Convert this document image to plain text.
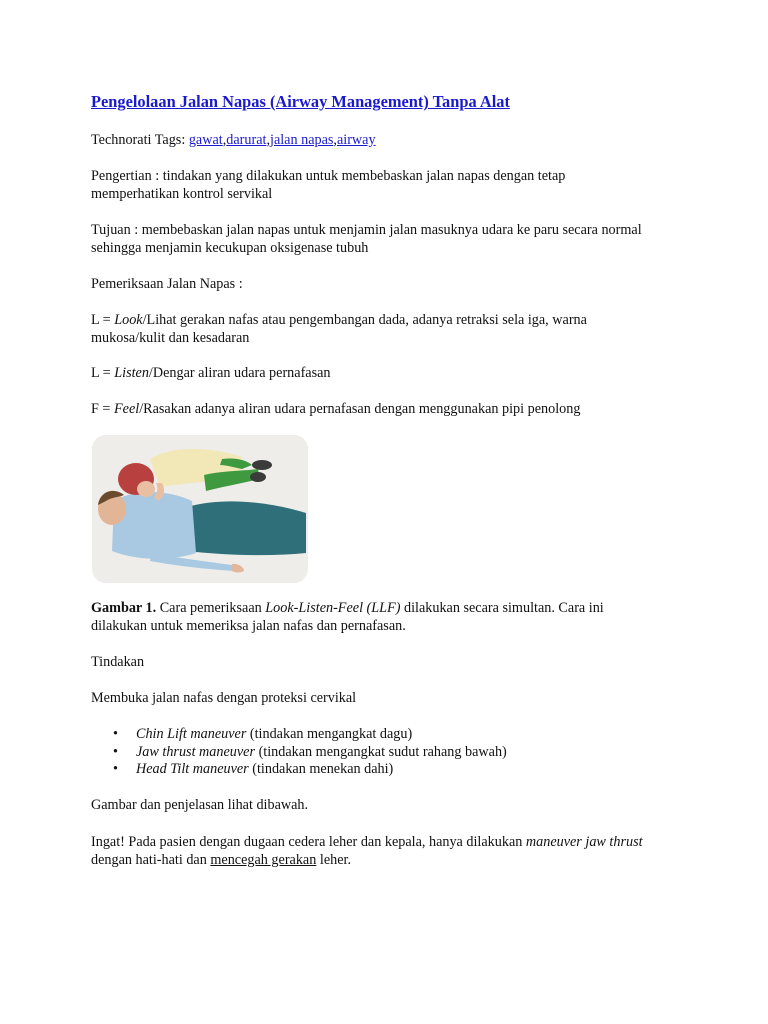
Pengelolaan Jalan Napas (Airway Management) Tanpa Alat
Technorati Tags: gawat,darurat,jalan napas,airway
Pengertian : tindakan yang dilakukan untuk membebaskan jalan napas dengan tetap
memperhatikan kontrol servikal
Tujuan : membebaskan jalan napas untuk menjamin jalan masuknya udara ke paru secara normal
sehingga menjamin kecukupan oksigenase tubuh
Pemeriksaan Jalan Napas :
L = Look/Lihat gerakan nafas atau pengembangan dada, adanya retraksi sela iga, warna
mukosa/kulit dan kesadaran
L = Listen/Dengar aliran udara pernafasan
F = Feel/Rasakan adanya aliran udara pernafasan dengan menggunakan pipi penolong
Gambar 1. Cara pemeriksaan Look-Listen-Feel (LLF) dilakukan secara simultan. Cara ini
dilakukan untuk memeriksa jalan nafas dan pernafasan.
Tindakan
Membuka jalan nafas dengan proteksi cervikal
• Chin Lift maneuver (tindakan mengangkat dagu)
• Jaw thrust maneuver (tindakan mengangkat sudut rahang bawah)
• Head Tilt maneuver (tindakan menekan dahi)
Gambar dan penjelasan lihat dibawah.
Ingat! Pada pasien dengan dugaan cedera leher dan kepala, hanya dilakukan maneuver jaw thrust
dengan hati-hati dan mencegah gerakan leher.
